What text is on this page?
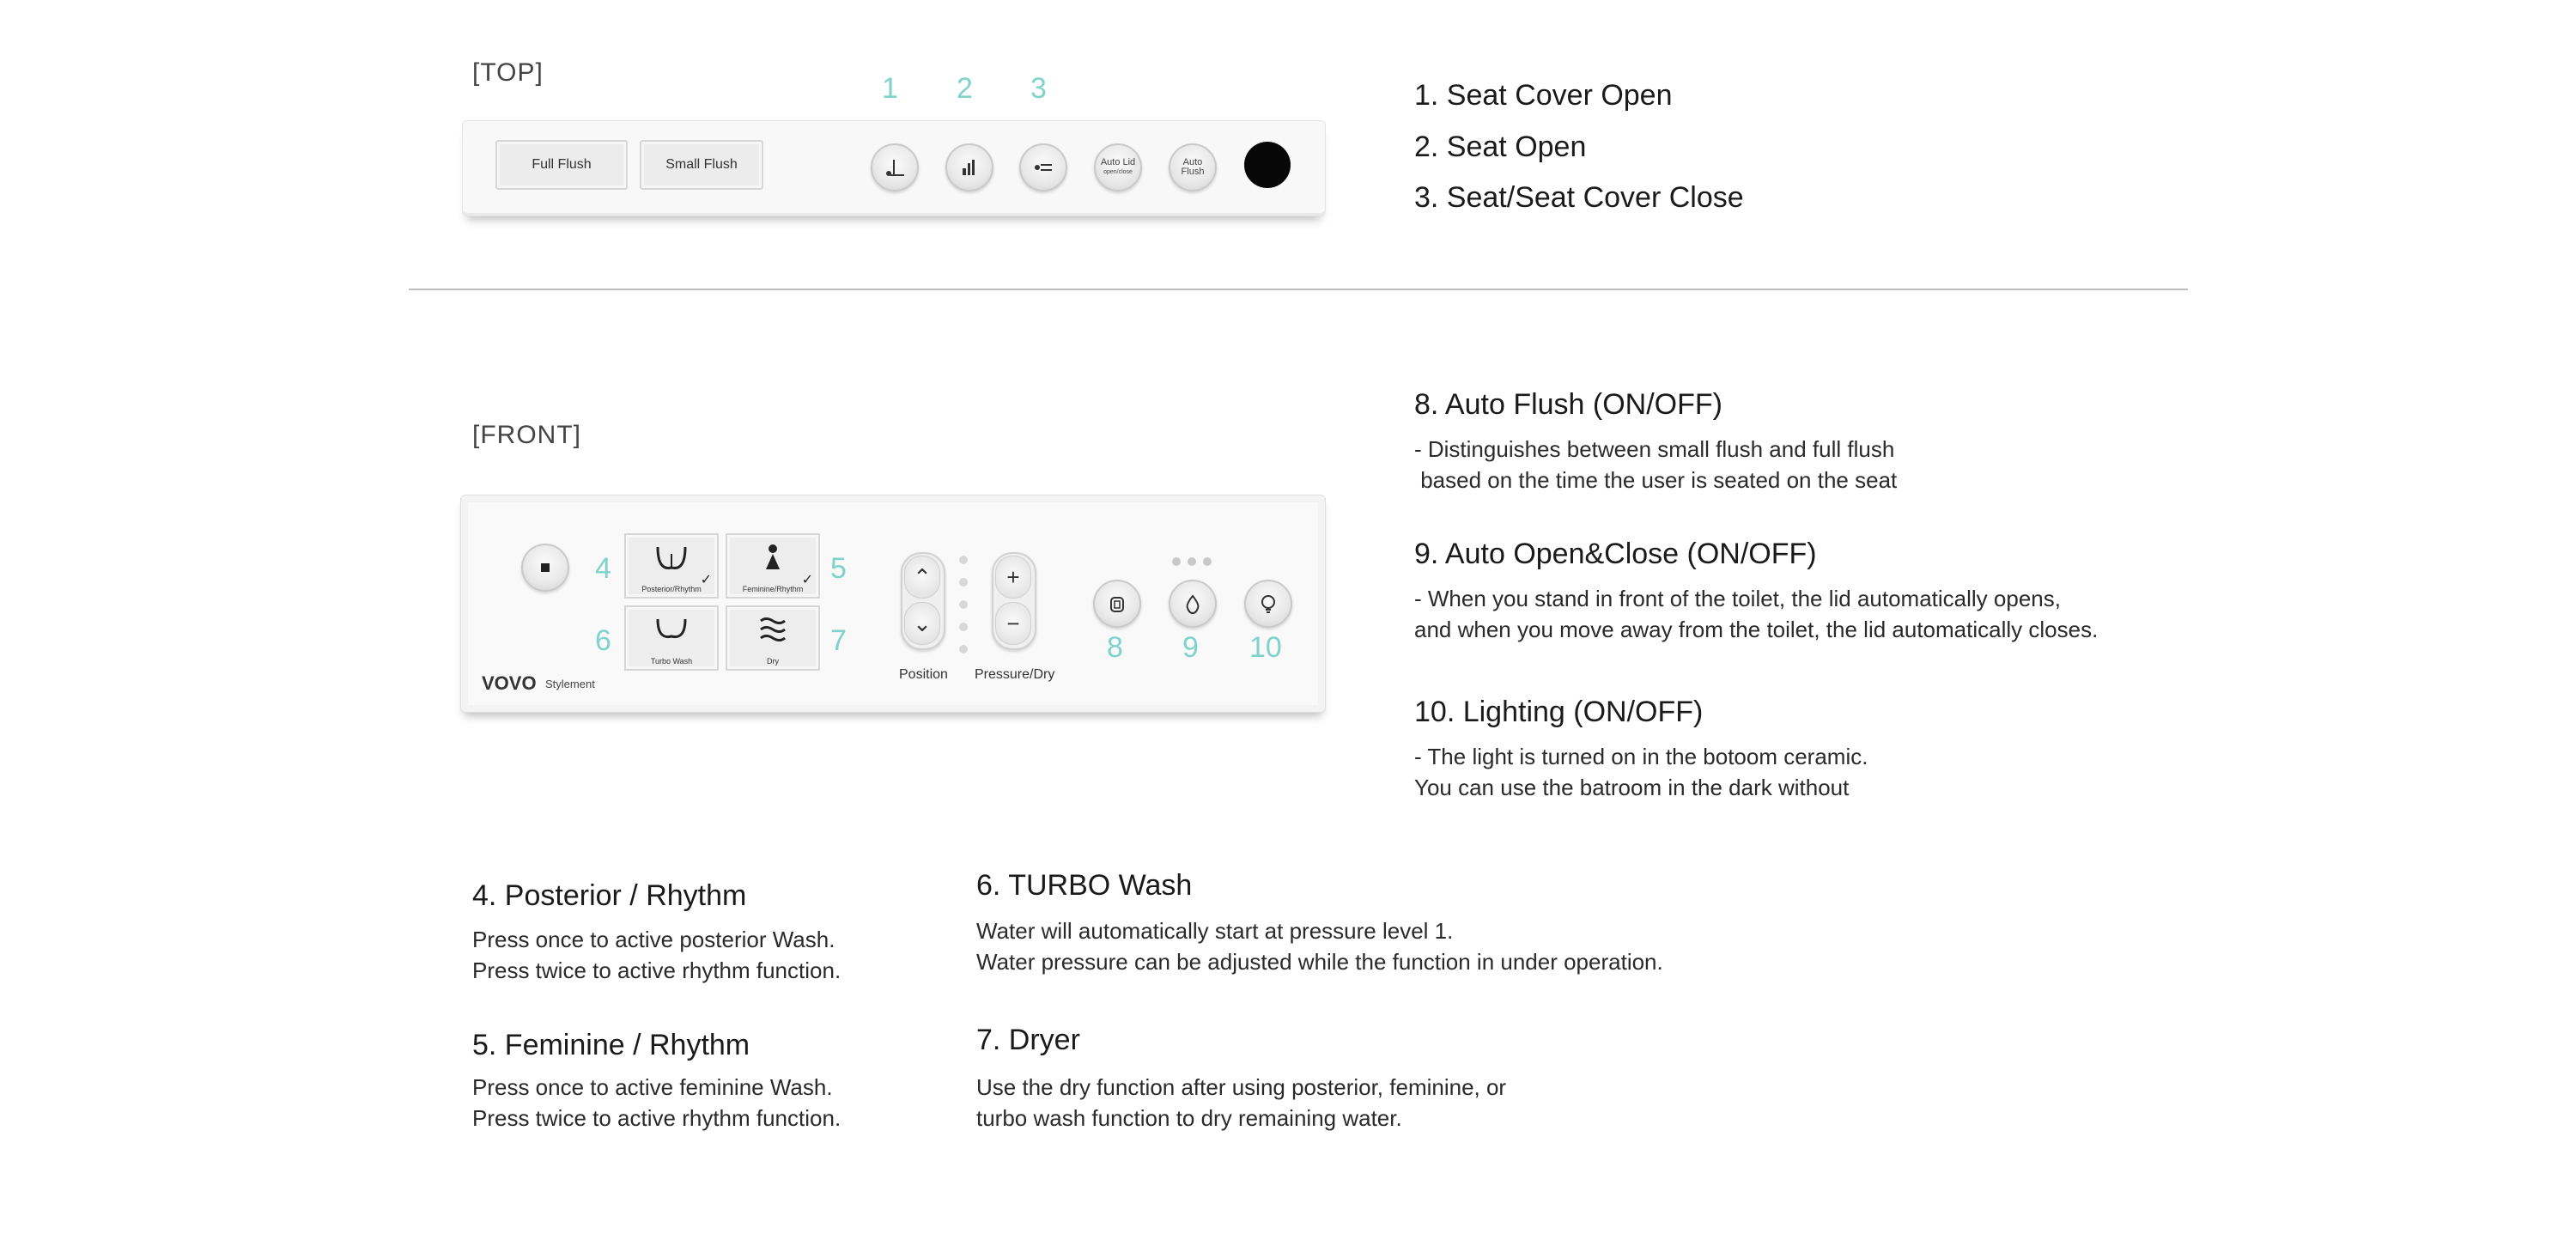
[TOP]	1 2 3
Full Flush	Small Flush	Auto Lid
open/close
Auto
Flush
1. Seat Cover Open
2. Seat Open
3. Seat/Seat Cover Close
[FRONT]
4	✓
Posterior/Rhythm
✓
Feminine/Rhythm
5
6
Turbo Wash	Dry
7
⌃
⌄
+
−
Position Pressure/Dry
8 9 10
VOVO Stylement
8. Auto Flush (ON/OFF)
- Distinguishes between small flush and full flush
based on the time the user is seated on the seat
9. Auto Open&Close (ON/OFF)
- When you stand in front of the toilet, the lid automatically opens,
and when you move away from the toilet, the lid automatically closes.
10. Lighting (ON/OFF)
- The light is turned on in the botoom ceramic.
You can use the batroom in the dark without
4. Posterior / Rhythm
Press once to active posterior Wash.
Press twice to active rhythm function.
5. Feminine / Rhythm
Press once to active feminine Wash.
Press twice to active rhythm function.
6. TURBO Wash
Water will automatically start at pressure level 1.
Water pressure can be adjusted while the function in under operation.
7. Dryer
Use the dry function after using posterior, feminine, or
turbo wash function to dry remaining water.
